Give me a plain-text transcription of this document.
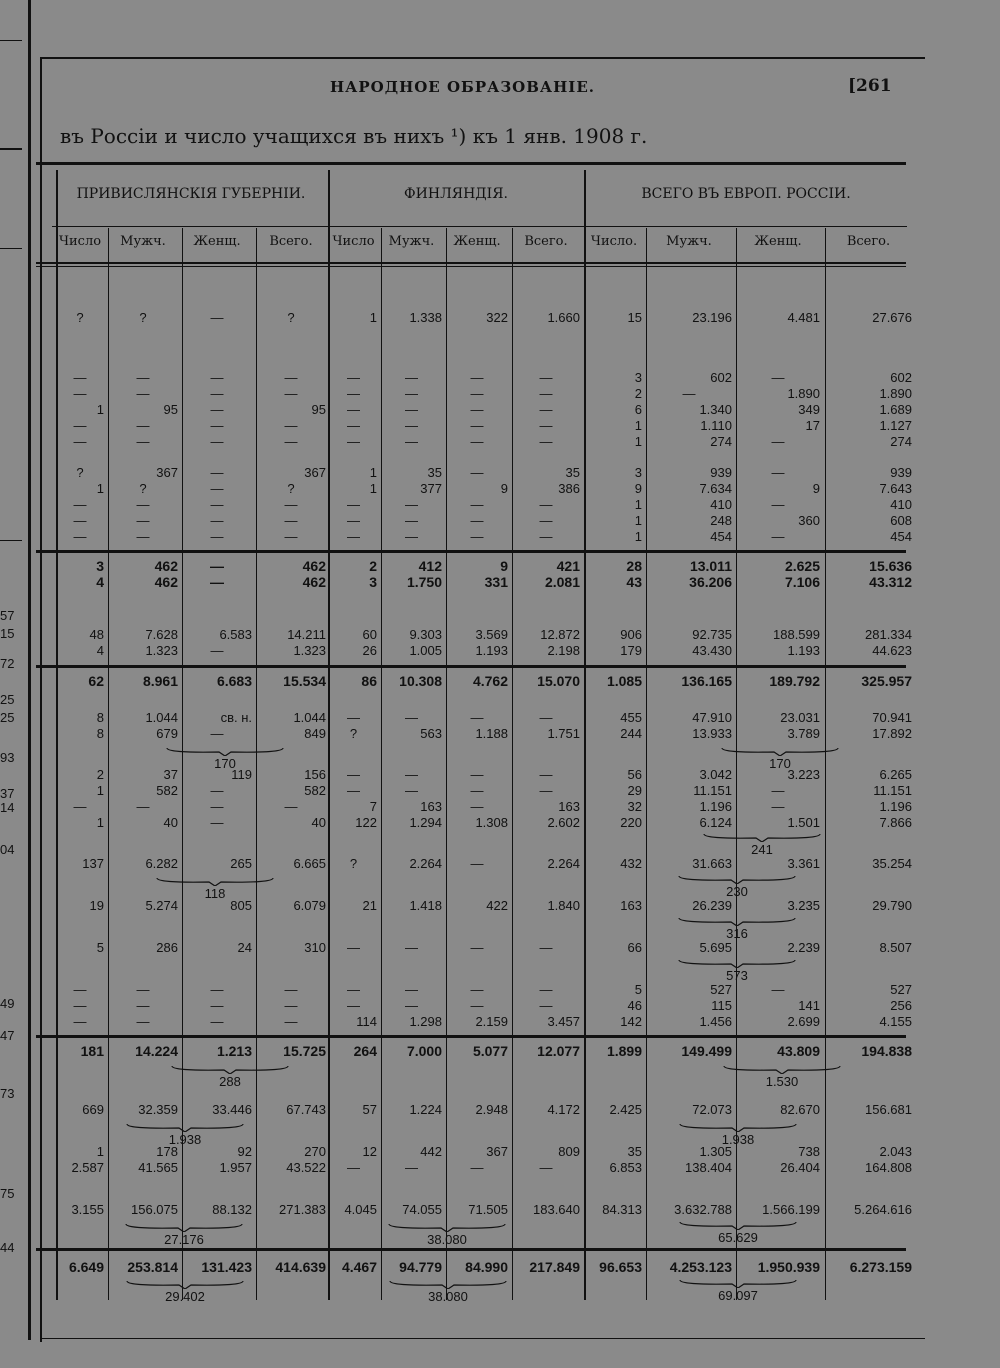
57
15
72
25
25
93
37
14
04
49
47
73
75
44
НАРОДНОЕ ОБРАЗОВАНІЕ.	[261
въ Россіи и число учащихся въ нихъ ¹) къ 1 янв. 1908 г.
ПРИВИСЛЯНСКІЯ ГУБЕРНІИ.	ФИНЛЯНДІЯ.	ВСЕГО ВЪ ЕВРОП. РОССІИ.
Число	Мужч.	Женщ.	Всего.	Число	Мужч.	Женщ.	Всего.	Число.	Мужч.	Женщ.	Всего.
?	?	—	?	1	1.338	322	1.660	15	23.196	4.481	27.676
—	—	—	—	—	—	—	—	3	602	—	602
—	—	—	—	—	—	—	—	2	—	1.890	1.890
1	95	—	95	—	—	—	—	6	1.340	349	1.689
—	—	—	—	—	—	—	—	1	1.110	17	1.127
—	—	—	—	—	—	—	—	1	274	—	274
?	367	—	367	1	35	—	35	3	939	—	939
1	?	—	?	1	377	9	386	9	7.634	9	7.643
—	—	—	—	—	—	—	—	1	410	—	410
—	—	—	—	—	—	—	—	1	248	360	608
—	—	—	—	—	—	—	—	1	454	—	454
3	462	—	462	2	412	9	421	28	13.011	2.625	15.636
4	462	—	462	3	1.750	331	2.081	43	36.206	7.106	43.312
48	7.628	6.583	14.211	60	9.303	3.569	12.872	906	92.735	188.599	281.334
4	1.323	—	1.323	26	1.005	1.193	2.198	179	43.430	1.193	44.623
62	8.961	6.683	15.534	86	10.308	4.762	15.070	1.085	136.165	189.792	325.957
8	1.044	св. н.	1.044	—	—	—	—	455	47.910	23.031	70.941
8	679	—	849	?	563	1.188	1.751	244	13.933	3.789	17.892
2	37	119	156	—	—	—	—	56	3.042	3.223	6.265
1	582	—	582	—	—	—	—	29	11.151	—	11.151
—	—	—	—	7	163	—	163	32	1.196	—	1.196
1	40	—	40	122	1.294	1.308	2.602	220	6.124	1.501	7.866
137	6.282	265	6.665	?	2.264	—	2.264	432	31.663	3.361	35.254
19	5.274	805	6.079	21	1.418	422	1.840	163	26.239	3.235	29.790
5	286	24	310	—	—	—	—	66	5.695	2.239	8.507
—	—	—	—	—	—	—	—	5	527	—	527
—	—	—	—	—	—	—	—	46	115	141	256
—	—	—	—	114	1.298	2.159	3.457	142	1.456	2.699	4.155
181	14.224	1.213	15.725	264	7.000	5.077	12.077	1.899	149.499	43.809	194.838
669	32.359	33.446	67.743	57	1.224	2.948	4.172	2.425	72.073	82.670	156.681
1	178	92	270	12	442	367	809	35	1.305	738	2.043
2.587	41.565	1.957	43.522	—	—	—	—	6.853	138.404	26.404	164.808
3.155	156.075	88.132	271.383	4.045	74.055	71.505	183.640	84.313	3.632.788	1.566.199	5.264.616
6.649	253.814	131.423	414.639	4.467	94.779	84.990	217.849	96.653	4.253.123	1.950.939	6.273.159
170	170
241
118	230
316
573
288	1.530
1.938	1.938
27.176	38.080	65.629
29.402	38.080	69.097
